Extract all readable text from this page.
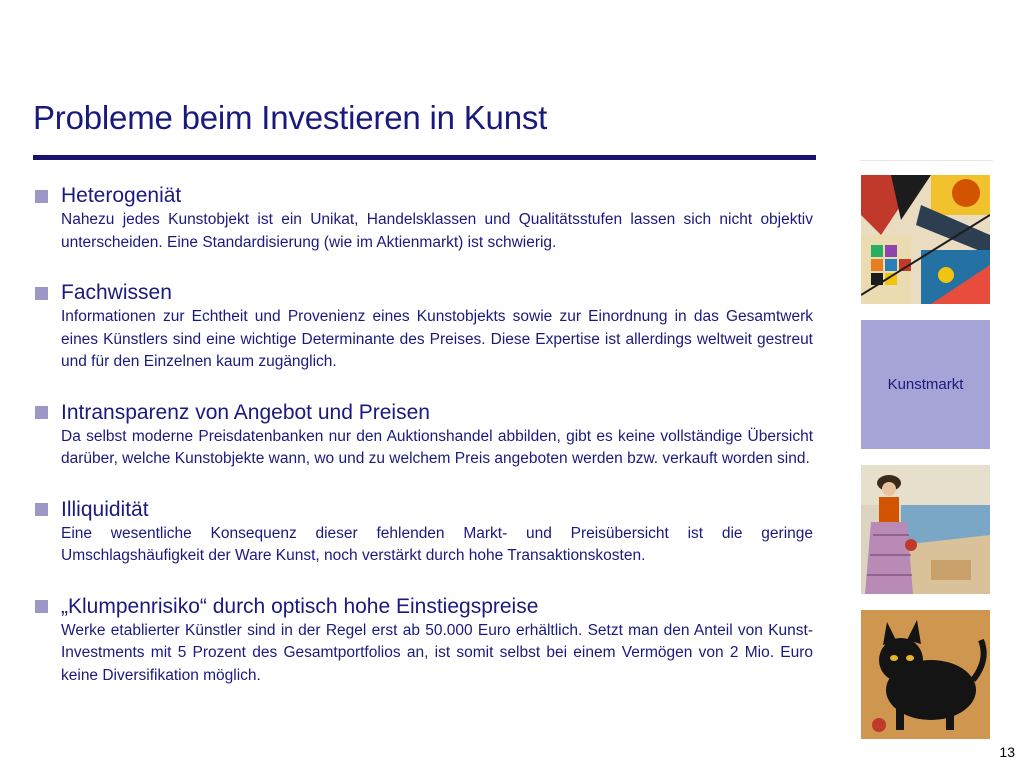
Probleme beim Investieren in Kunst
Heterogeniät
Nahezu jedes Kunstobjekt ist ein Unikat, Handelsklassen und Qualitätsstufen lassen sich nicht objektiv unterscheiden. Eine Standardisierung (wie im Aktienmarkt) ist schwierig.
Fachwissen
Informationen zur Echtheit und Provenienz eines Kunstobjekts sowie zur Einordnung in das Gesamtwerk eines Künstlers sind eine wichtige Determinante des Preises. Diese Expertise ist allerdings weltweit gestreut und für den Einzelnen kaum zugänglich.
Intransparenz von Angebot und Preisen
Da selbst moderne Preisdatenbanken nur den Auktionshandel abbilden, gibt es keine vollständige Übersicht darüber, welche Kunstobjekte wann, wo und zu welchem Preis angeboten werden bzw. verkauft worden sind.
Illiquidität
Eine wesentliche Konsequenz dieser fehlenden Markt- und Preisübersicht ist die geringe Umschlagshäufigkeit der Ware Kunst, noch verstärkt durch hohe Transaktionskosten.
„Klumpenrisiko“ durch optisch hohe Einstiegspreise
Werke etablierter Künstler sind in der Regel erst ab 50.000 Euro erhältlich. Setzt man den Anteil von Kunst-Investments mit 5 Prozent des Gesamtportfolios an, ist somit selbst bei einem Vermögen von 2 Mio. Euro keine Diversifikation möglich.
Kunstmarkt
13
